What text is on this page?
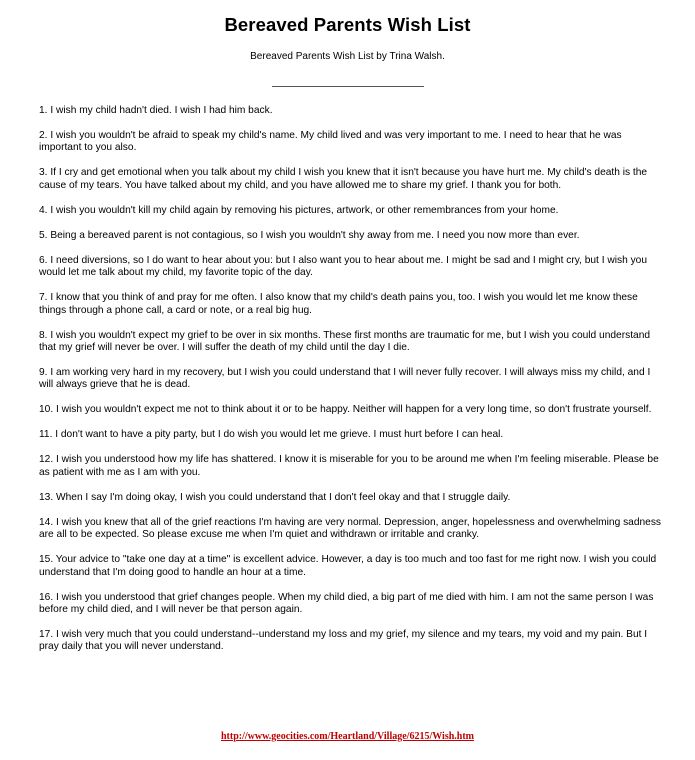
Bereaved Parents Wish List
Bereaved Parents Wish List by Trina Walsh.
1. I wish my child hadn't died. I wish I had him back.
2. I wish you wouldn't be afraid to speak my child's name. My child lived and was very important to me. I need to hear that he was important to you also.
3. If I cry and get emotional when you talk about my child I wish you knew that it isn't because you have hurt me. My child's death is the cause of my tears. You have talked about my child, and you have allowed me to share my grief. I thank you for both.
4. I wish you wouldn't kill my child again by removing his pictures, artwork, or other remembrances from your home.
5. Being a bereaved parent is not contagious, so I wish you wouldn't shy away from me. I need you now more than ever.
6. I need diversions, so I do want to hear about you: but I also want you to hear about me. I might be sad and I might cry, but I wish you would let me talk about my child, my favorite topic of the day.
7. I know that you think of and pray for me often. I also know that my child's death pains you, too. I wish you would let me know these things through a phone call, a card or note, or a real big hug.
8. I wish you wouldn't expect my grief to be over in six months. These first months are traumatic for me, but I wish you could understand that my grief will never be over. I will suffer the death of my child until the day I die.
9. I am working very hard in my recovery, but I wish you could understand that I will never fully recover. I will always miss my child, and I will always grieve that he is dead.
10. I wish you wouldn't expect me not to think about it or to be happy. Neither will happen for a very long time, so don't frustrate yourself.
11. I don't want to have a pity party, but I do wish you would let me grieve. I must hurt before I can heal.
12. I wish you understood how my life has shattered. I know it is miserable for you to be around me when I'm feeling miserable. Please be as patient with me as I am with you.
13. When I say I'm doing okay, I wish you could understand that I don't feel okay and that I struggle daily.
14. I wish you knew that all of the grief reactions I'm having are very normal. Depression, anger, hopelessness and overwhelming sadness are all to be expected. So please excuse me when I'm quiet and withdrawn or irritable and cranky.
15. Your advice to "take one day at a time" is excellent advice. However, a day is too much and too fast for me right now. I wish you could understand that I'm doing good to handle an hour at a time.
16. I wish you understood that grief changes people. When my child died, a big part of me died with him. I am not the same person I was before my child died, and I will never be that person again.
17. I wish very much that you could understand--understand my loss and my grief, my silence and my tears, my void and my pain. But I pray daily that you will never understand.
http://www.geocities.com/Heartland/Village/6215/Wish.htm
